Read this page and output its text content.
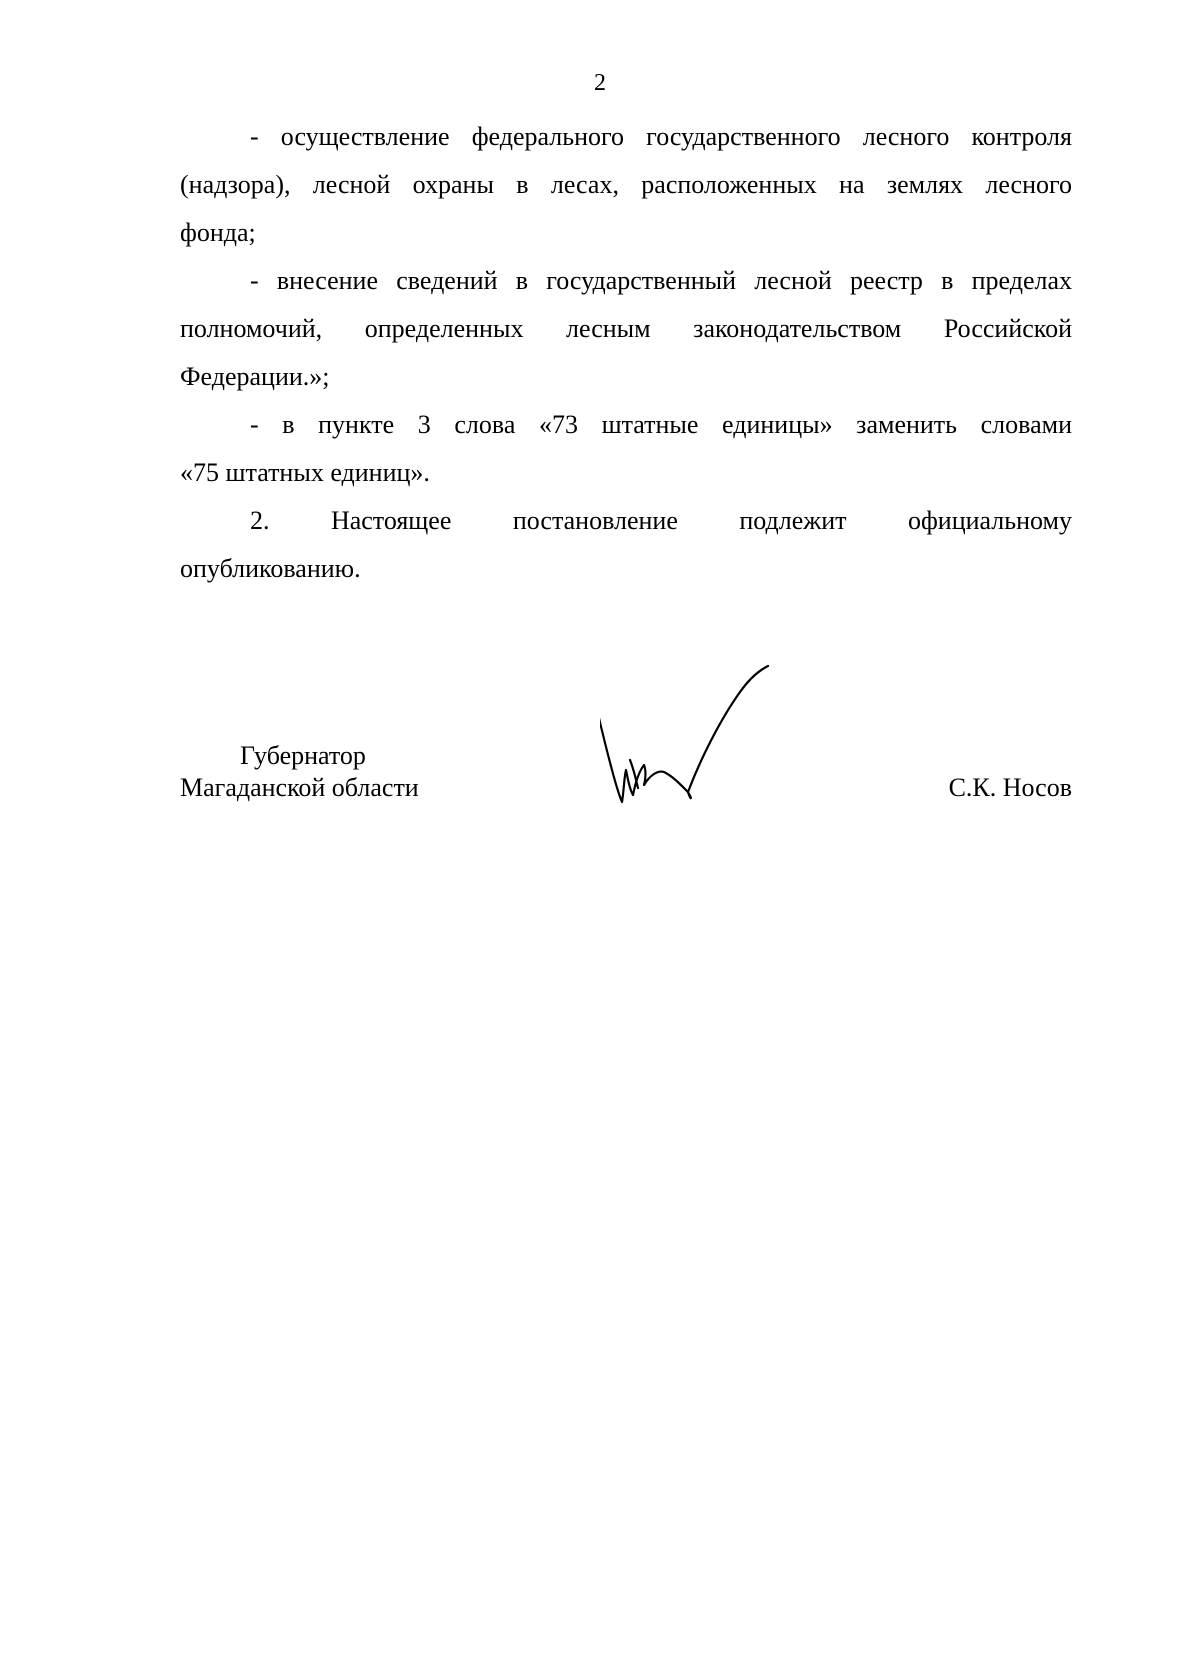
2

- осуществление федерального государственного лесного контроля
(надзора), лесной охраны в лесах, расположенных на землях лесного
фонда;

- внесение сведений в государственный лесной реестр в пределах
полномочий, определенных лесным законодательством Российской
Федерации.»;

- в пункте 3 слова «73 штатные единицы» заменить словами
«75 штатных единиц».

2. Настоящее постановление подлежит официальному
опубликованию.

Губернатор
Магаданской области	С.К. Носов
